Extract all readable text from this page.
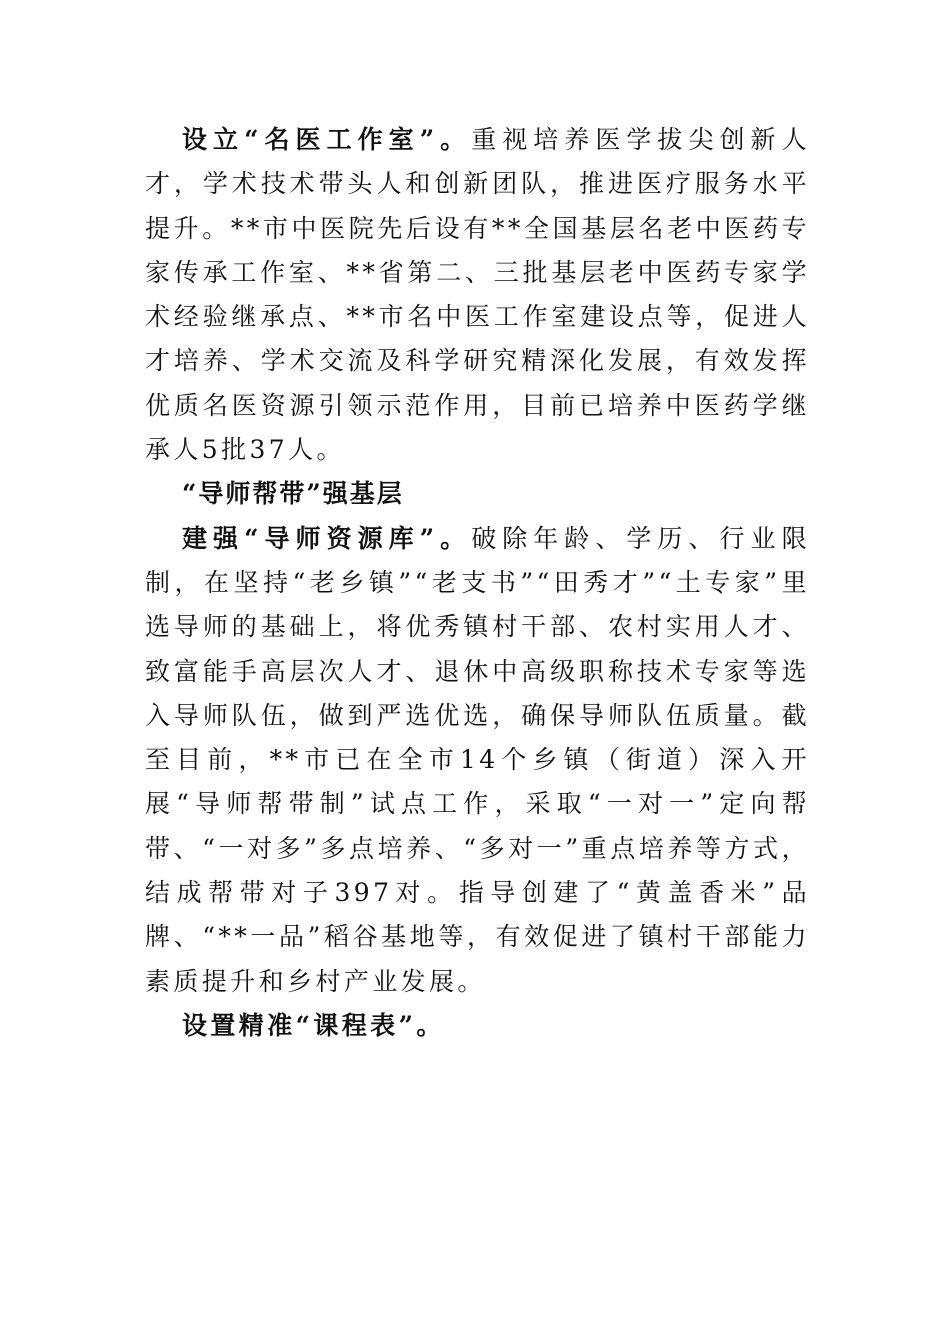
设立“名医工作室”。重视培养医学拔尖创新人才，学术技术带头人和创新团队，推进医疗服务水平提升。**市中医院先后设有**全国基层名老中医药专家传承工作室、**省第二、三批基层老中医药专家学术经验继承点、**市名中医工作室建设点等，促进人才培养、学术交流及科学研究精深化发展，有效发挥优质名医资源引领示范作用，目前已培养中医药学继承人5批37人。

“导师帮带”强基层

建强“导师资源库”。破除年龄、学历、行业限制，在坚持“老乡镇”“老支书”“田秀才”“土专家”里选导师的基础上，将优秀镇村干部、农村实用人才、致富能手高层次人才、退休中高级职称技术专家等选入导师队伍，做到严选优选，确保导师队伍质量。截至目前，**市已在全市14个乡镇（街道）深入开展“导师帮带制”试点工作，采取“一对一”定向帮带、“一对多”多点培养、“多对一”重点培养等方式，结成帮带对子397对。指导创建了“黄盖香米”品牌、“**一品”稻谷基地等，有效促进了镇村干部能力素质提升和乡村产业发展。

设置精准“课程表”。
